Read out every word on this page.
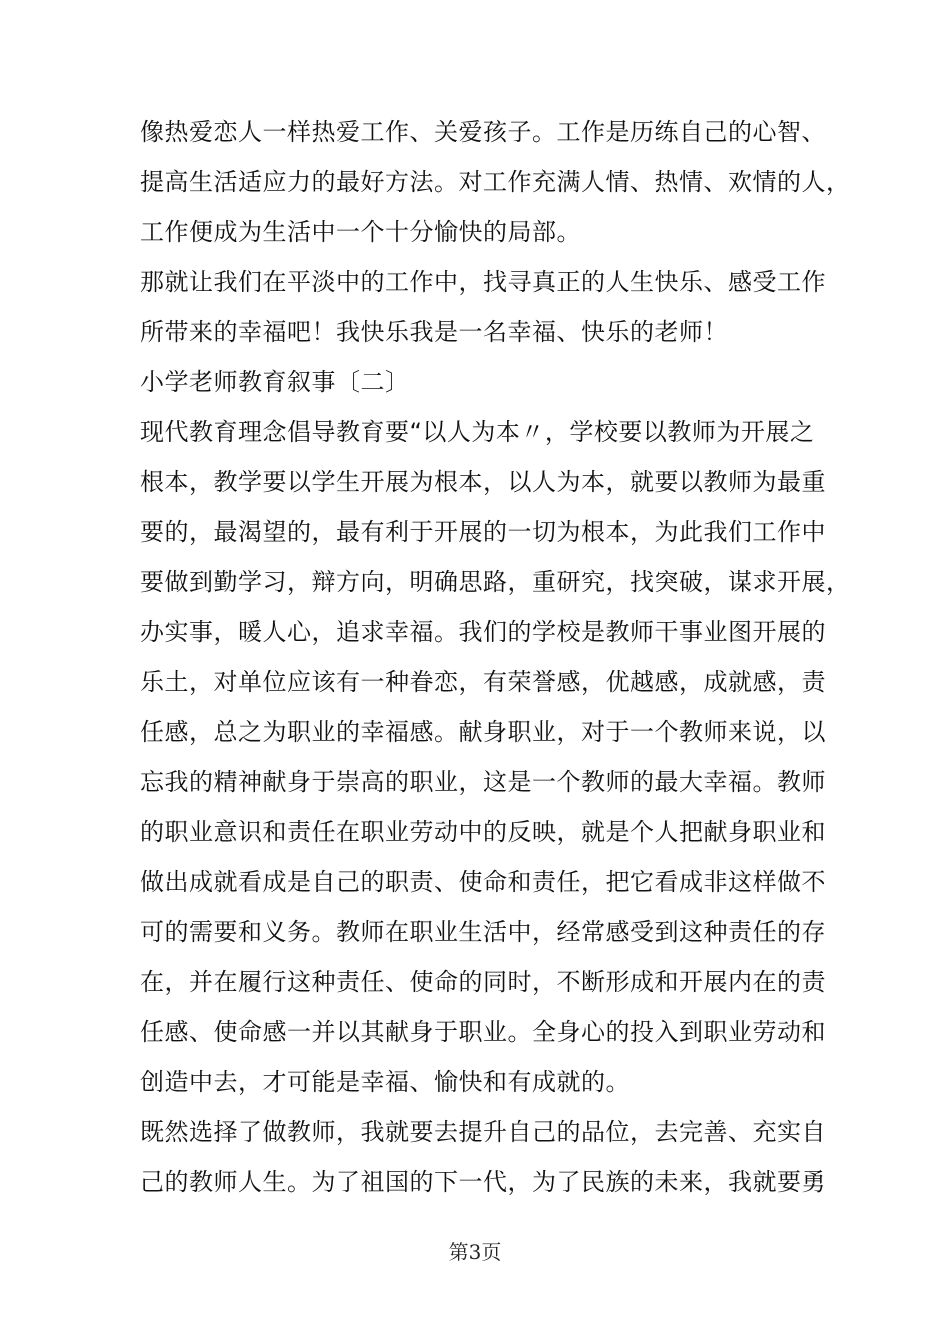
像热爱恋人一样热爱工作、关爱孩子。工作是历练自己的心智、
提高生活适应力的最好方法。对工作充满人情、热情、欢情的人，
工作便成为生活中一个十分愉快的局部。
那就让我们在平淡中的工作中，找寻真正的人生快乐、感受工作
所带来的幸福吧！我快乐我是一名幸福、快乐的老师！
小学老师教育叙事〔二〕
现代教育理念倡导教育要“以人为本〃，学校要以教师为开展之
根本，教学要以学生开展为根本，以人为本，就要以教师为最重
要的，最渴望的，最有利于开展的一切为根本，为此我们工作中
要做到勤学习，辩方向，明确思路，重研究，找突破，谋求开展，
办实事，暖人心，追求幸福。我们的学校是教师干事业图开展的
乐土，对单位应该有一种眷恋，有荣誉感，优越感，成就感，责
任感，总之为职业的幸福感。献身职业，对于一个教师来说，以
忘我的精神献身于崇高的职业，这是一个教师的最大幸福。教师
的职业意识和责任在职业劳动中的反映，就是个人把献身职业和
做出成就看成是自己的职责、使命和责任，把它看成非这样做不
可的需要和义务。教师在职业生活中，经常感受到这种责任的存
在，并在履行这种责任、使命的同时，不断形成和开展内在的责
任感、使命感一并以其献身于职业。全身心的投入到职业劳动和
创造中去，才可能是幸福、愉快和有成就的。
既然选择了做教师，我就要去提升自己的品位，去完善、充实自
己的教师人生。为了祖国的下一代，为了民族的未来，我就要勇
第3页
